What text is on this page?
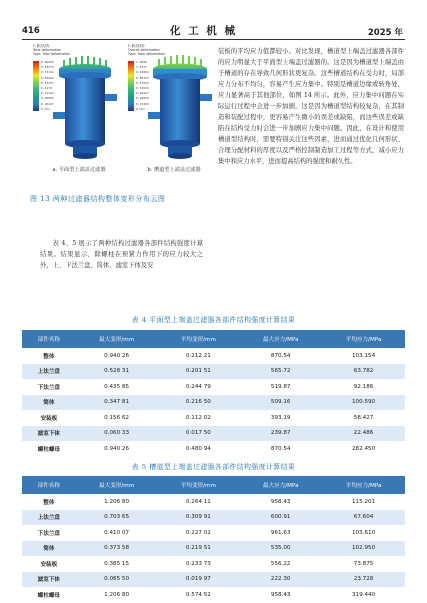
416	化 工 机 械	2025 年
F: 静态结构
Total deformation
Type: Total deformation
0.94026
0.83579
0.73131
0.62684
0.52237
0.4179
0.31342
0.20895
0.10447
0 Min
a. 平面型上端盖过滤器
F: 静态结构
Overall deformation
Type: Total deformation
1.2068
1.0727
0.93864
0.80453
0.67044
0.53636
0.40227
0.26818
0.13409
0 Min
b. 槽道型上端盖过滤器
图 13 两种过滤器结构整体变形分布云图
表 4、5 展示了两种结构过滤器各部件结构强度计算结果。结果显示，除螺柱在预紧力作用下的应力较大之外，上、下法兰盘、筒体、滤室下体及安
装板的平均应力值都较小。对比发现，槽道型上端盖过滤器各部件的应力明显大于平面型上端盖过滤器的。这是因为槽道型上端盖由于槽道的存在导致几何形状更复杂。这些槽道结构在受力时，局部应力分布不均匀，容易产生应力集中。特别是槽道边缘或转角处，应力显著高于其他部位，如图 14 所示。此外，应力集中问题在实际运行过程中会进一步加剧，这是因为槽道型结构较复杂，在其制造和装配过程中，更容易产生微小的误差或缺陷，而这些误差或缺陷在结构受力时会进一步加剧应力集中问题。因此，在设计和使用槽道型结构时，需要特别关注这些因素，进而通过优化几何形状、合理分配材料的厚度以及严格控制制造加工过程等方式，减小应力集中和应力水平，进而提高结构的强度和耐久性。
表 4 平面型上端盖过滤器各部件结构强度计算结果
部件名称	最大变形/mm	平均变形/mm	最大应力/MPa	平均应力/MPa
整体	0.940 26	0.212 21	870.54	103.154
上法兰盘	0.528 31	0.201 51	565.72	63.782
下法兰盘	0.435 85	0.244 79	519.87	92.186
筒体	0.347 81	0.216 50	509.16	100.590
安装板	0.156 62	0.112 02	393.19	58.427
滤室下体	0.060 33	0.017 50	239.87	22.486
螺柱螺母	0.940 26	0.480 94	870.54	282.450
表 5 槽道型上端盖过滤器各部件结构强度计算结果
部件名称	最大变形/mm	平均变形/mm	最大应力/MPa	平均应力/MPa
整体	1.206 80	0.264 11	958.43	115.201
上法兰盘	0.703 65	0.309 91	600.91	67.604
下法兰盘	0.410 07	0.227 02	961.63	103.610
筒体	0.373 58	0.219 51	535.00	102.950
安装板	0.385 15	0.233 73	556.22	73.875
滤室下体	0.065 50	0.019 97	222.30	23.728
螺柱螺母	1.206 80	0.574 52	958.43	319.440
